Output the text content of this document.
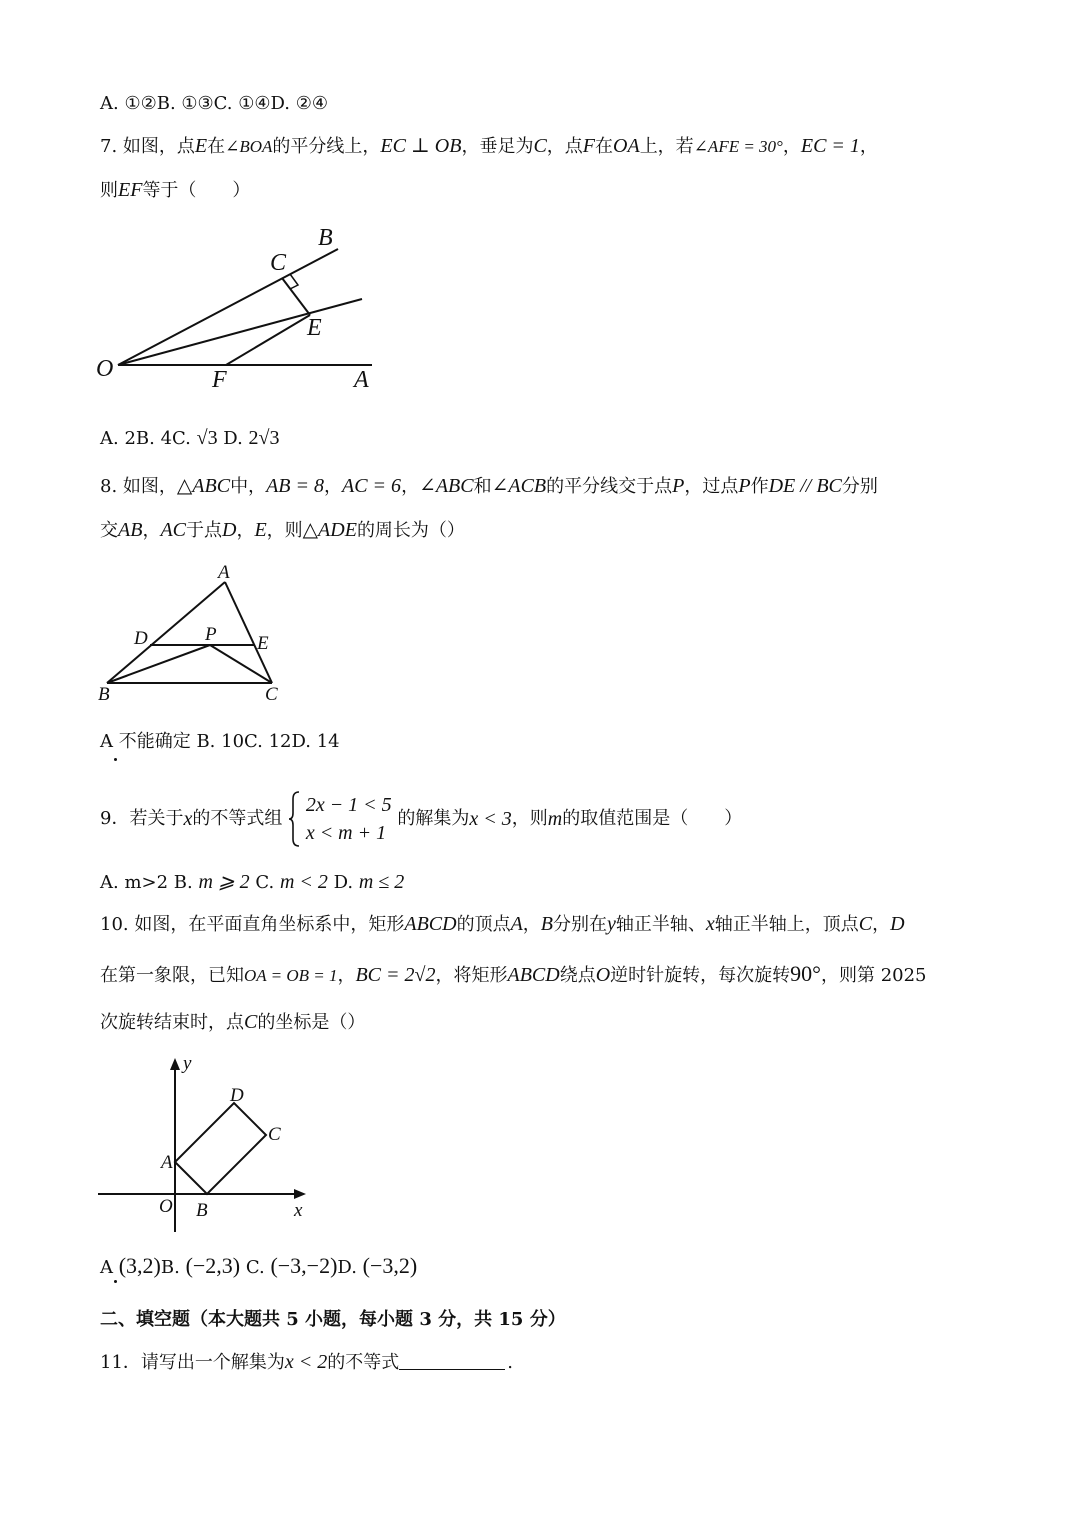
A. ①②B. ①③C. ①④D. ②④
7. 如图，点E在∠BOA的平分线上，EC ⊥ OB，垂足为C，点F在OA上，若∠AFE = 30°，EC = 1，
则EF等于（　　）
B
C
E
O	F	A
A. 2B. 4C. √3 D. 2√3
8. 如图，△ABC中，AB = 8，AC = 6，∠ABC和∠ACB的平分线交于点P，过点P作DE // BC分别
交AB，AC于点D，E，则△ADE的周长为（）
A
D	P E
B	C
A 不能确定 B. 10C. 12D. 14
9．若关于x的不等式组
2x − 1 < 5
x < m + 1
的解集为x < 3，则m的取值范围是（　　）
A. m>2 B. m ⩾ 2 C. m < 2 D. m ≤ 2
10. 如图，在平面直角坐标系中，矩形ABCD的顶点A，B分别在y轴正半轴、x轴正半轴上，顶点C，D
在第一象限，已知OA = OB = 1，BC = 2√2，将矩形ABCD绕点O逆时针旋转，每次旋转90°，则第 2025
次旋转结束时，点C的坐标是（）
y
x
O
A
B
C
D
A (3,2)B. (−2,3) C. (−3,−2)D. (−3,2)
二、填空题（本大题共 5 小题，每小题 3 分，共 15 分）
11．请写出一个解集为x < 2的不等式	.
